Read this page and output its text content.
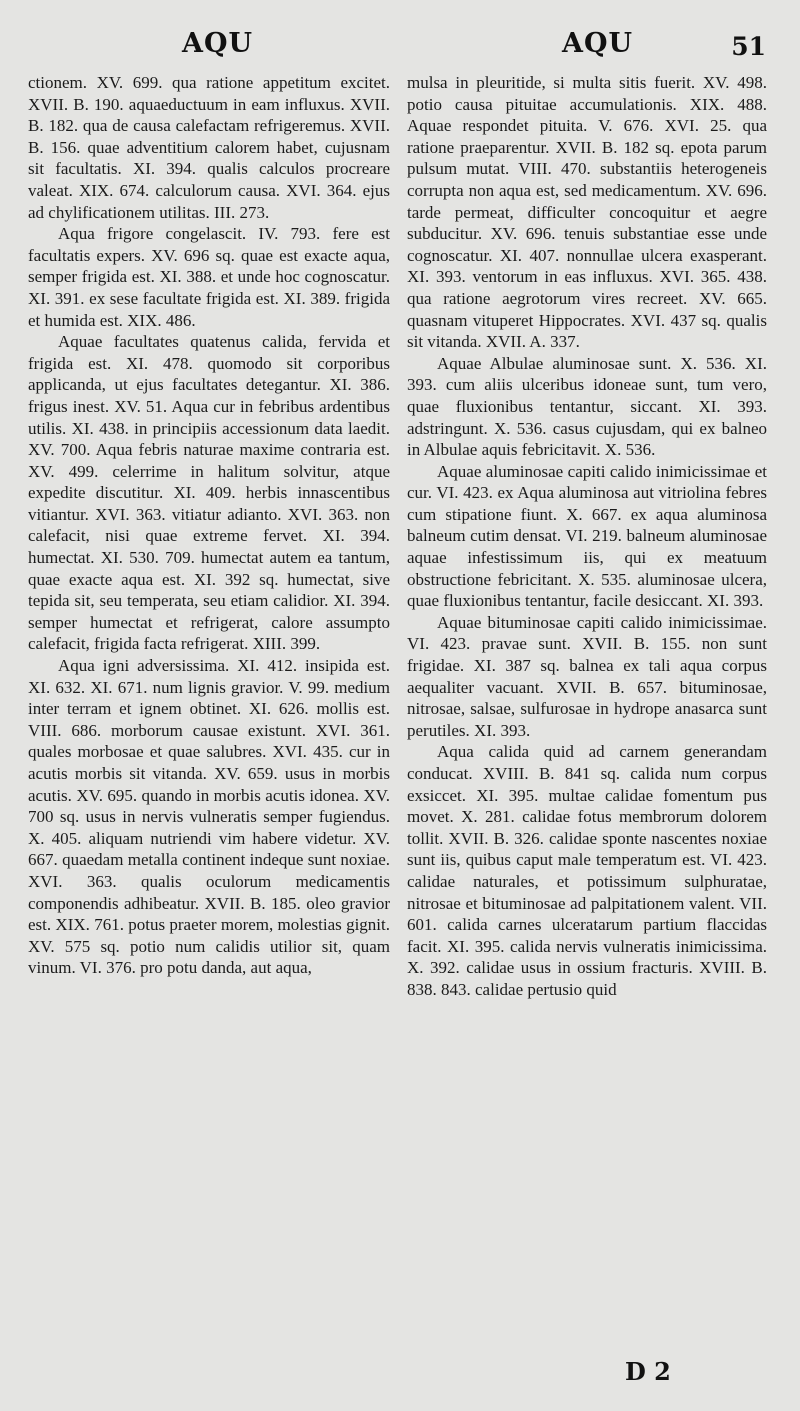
AQU	AQU	51

ctionem. XV. 699. qua ratione appetitum excitet. XVII. B. 190. aquaeductuum in eam influxus. XVII. B. 182. qua de causa calefactam refrigeremus. XVII. B. 156. quae adventitium calorem habet, cujusnam sit facultatis. XI. 394. qualis calculos procreare valeat. XIX. 674. calculorum causa. XVI. 364. ejus ad chylificationem utilitas. III. 273.

Aqua frigore congelascit. IV. 793. fere est facultatis expers. XV. 696 sq. quae est exacte aqua, semper frigida est. XI. 388. et unde hoc cognoscatur. XI. 391. ex sese facultate frigida est. XI. 389. frigida et humida est. XIX. 486.

Aquae facultates quatenus calida, fervida et frigida est. XI. 478. quomodo sit corporibus applicanda, ut ejus facultates detegantur. XI. 386. frigus inest. XV. 51. Aqua cur in febribus ardentibus utilis. XI. 438. in principiis accessionum data laedit. XV. 700. Aqua febris naturae maxime contraria est. XV. 499. celerrime in halitum solvitur, atque expedite discutitur. XI. 409. herbis innascentibus vitiantur. XVI. 363. vitiatur adianto. XVI. 363. non calefacit, nisi quae extreme fervet. XI. 394. humectat. XI. 530. 709. humectat autem ea tantum, quae exacte aqua est. XI. 392 sq. humectat, sive tepida sit, seu temperata, seu etiam calidior. XI. 394. semper humectat et refrigerat, calore assumpto calefacit, frigida facta refrigerat. XIII. 399.

Aqua igni adversissima. XI. 412. insipida est. XI. 632. XI. 671. num lignis gravior. V. 99. medium inter terram et ignem obtinet. XI. 626. mollis est. VIII. 686. morborum causae existunt. XVI. 361. quales morbosae et quae salubres. XVI. 435. cur in acutis morbis sit vitanda. XV. 659. usus in morbis acutis. XV. 695. quando in morbis acutis idonea. XV. 700 sq. usus in nervis vulneratis semper fugiendus. X. 405. aliquam nutriendi vim habere videtur. XV. 667. quaedam metalla continent indeque sunt noxiae. XVI. 363. qualis oculorum medicamentis componendis adhibeatur. XVII. B. 185. oleo gravior est. XIX. 761. potus praeter morem, molestias gignit. XV. 575 sq. potio num calidis utilior sit, quam vinum. VI. 376. pro potu danda, aut aqua,

mulsa in pleuritide, si multa sitis fuerit. XV. 498. potio causa pituitae accumulationis. XIX. 488. Aquae respondet pituita. V. 676. XVI. 25. qua ratione praeparentur. XVII. B. 182 sq. epota parum pulsum mutat. VIII. 470. substantiis heterogeneis corrupta non aqua est, sed medicamentum. XV. 696. tarde permeat, difficulter concoquitur et aegre subducitur. XV. 696. tenuis substantiae esse unde cognoscatur. XI. 407. nonnullae ulcera exasperant. XI. 393. ventorum in eas influxus. XVI. 365. 438. qua ratione aegrotorum vires recreet. XV. 665. quasnam vituperet Hippocrates. XVI. 437 sq. qualis sit vitanda. XVII. A. 337.

Aquae Albulae aluminosae sunt. X. 536. XI. 393. cum aliis ulceribus idoneae sunt, tum vero, quae fluxionibus tentantur, siccant. XI. 393. adstringunt. X. 536. casus cujusdam, qui ex balneo in Albulae aquis febricitavit. X. 536.

Aquae aluminosae capiti calido inimicissimae et cur. VI. 423. ex Aqua aluminosa aut vitriolina febres cum stipatione fiunt. X. 667. ex aqua aluminosa balneum cutim densat. VI. 219. balneum aluminosae aquae infestissimum iis, qui ex meatuum obstructione febricitant. X. 535. aluminosae ulcera, quae fluxionibus tentantur, facile desiccant. XI. 393.

Aquae bituminosae capiti calido inimicissimae. VI. 423. pravae sunt. XVII. B. 155. non sunt frigidae. XI. 387 sq. balnea ex tali aqua corpus aequaliter vacuant. XVII. B. 657. bituminosae, nitrosae, salsae, sulfurosae in hydrope anasarca sunt perutiles. XI. 393.

Aqua calida quid ad carnem generandam conducat. XVIII. B. 841 sq. calida num corpus exsiccet. XI. 395. multae calidae fomentum pus movet. X. 281. calidae fotus membrorum dolorem tollit. XVII. B. 326. calidae sponte nascentes noxiae sunt iis, quibus caput male temperatum est. VI. 423. calidae naturales, et potissimum sulphuratae, nitrosae et bituminosae ad palpitationem valent. VII. 601. calida carnes ulceratarum partium flaccidas facit. XI. 395. calida nervis vulneratis inimicissima. X. 392. calidae usus in ossium fracturis. XVIII. B. 838. 843. calidae pertusio quid

D 2
